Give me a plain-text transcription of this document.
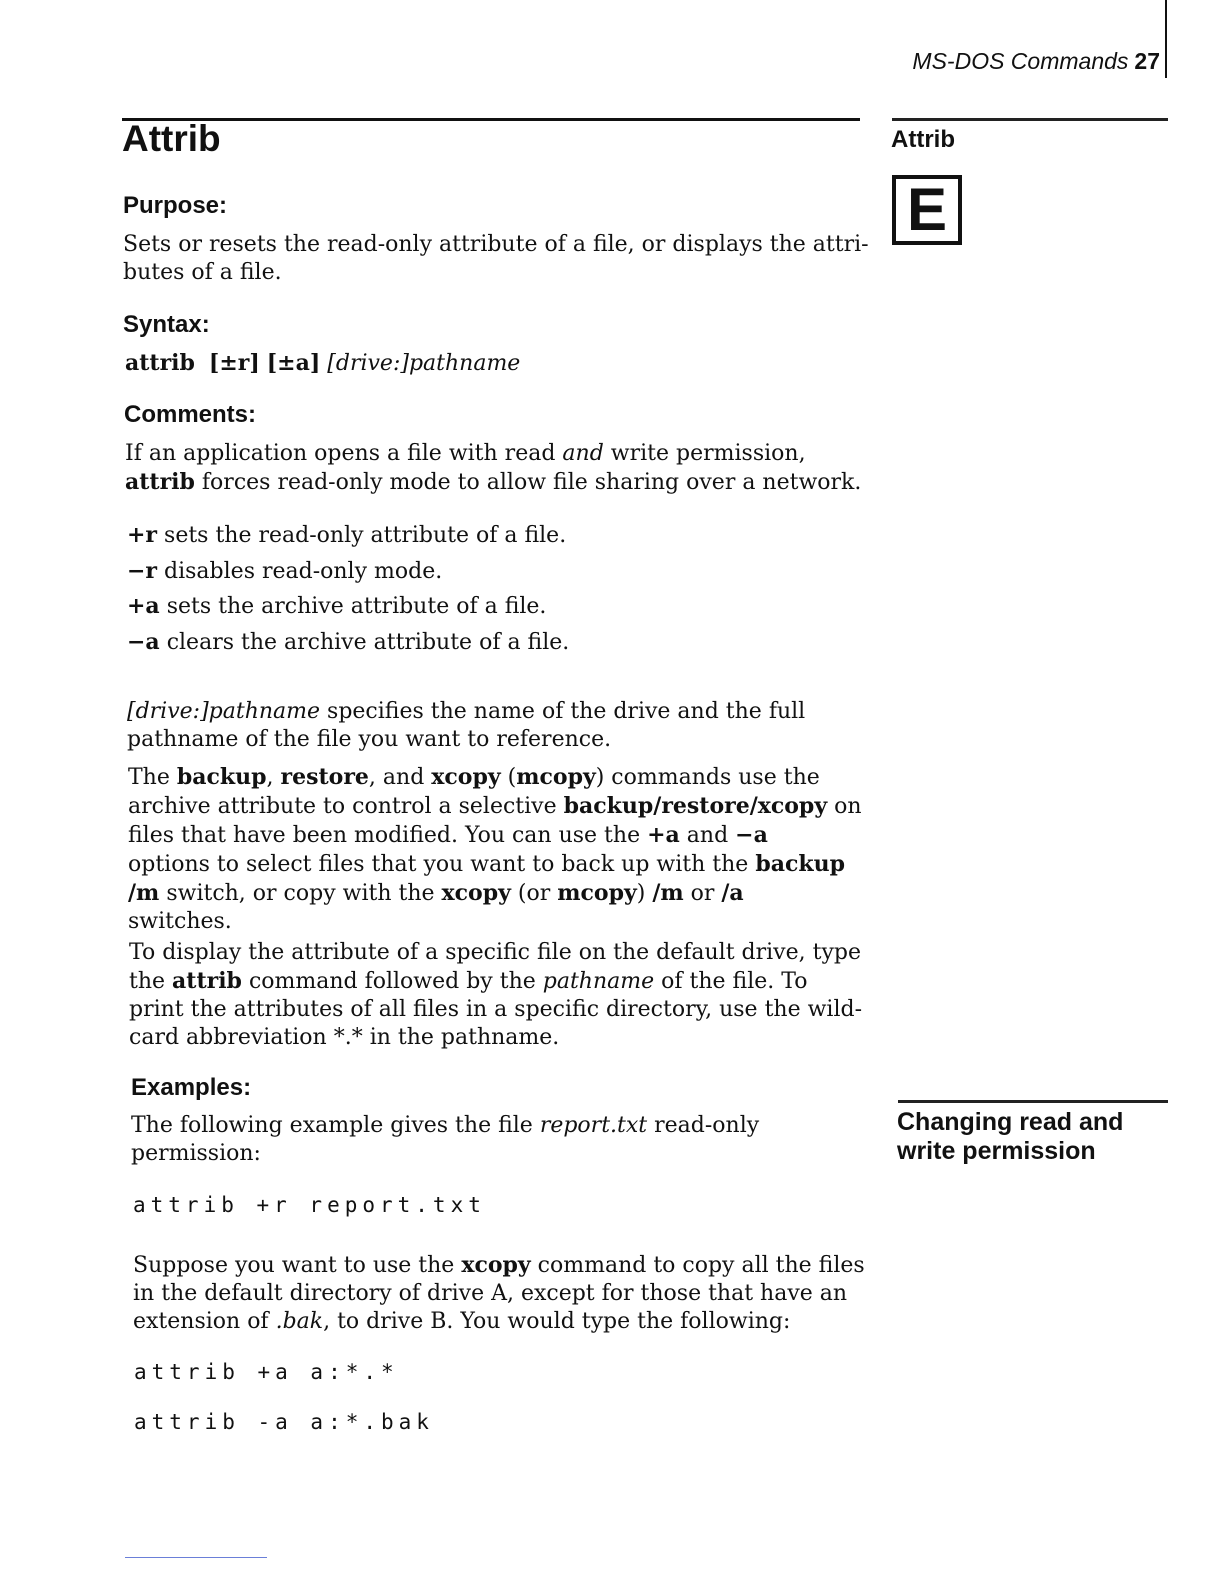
MS-DOS Commands 27
Attrib	Attrib
E
Purpose:

Sets or resets the read-only attribute of a file, or displays the attri-

butes of a file.

Syntax:
attrib [±r] [±a] [drive:]pathname
Comments:

If an application opens a file with read and write permission,

attrib forces read-only mode to allow file sharing over a network.

+r sets the read-only attribute of a file.

−r disables read-only mode.

+a sets the archive attribute of a file.

−a clears the archive attribute of a file.

[drive:]pathname specifies the name of the drive and the full

pathname of the file you want to reference.

The backup, restore, and xcopy (mcopy) commands use the

archive attribute to control a selective backup/restore/xcopy on

files that have been modified. You can use the +a and −a

options to select files that you want to back up with the backup

/m switch, or copy with the xcopy (or mcopy) /m or /a

switches.

To display the attribute of a specific file on the default drive, type

the attrib command followed by the pathname of the file. To

print the attributes of all files in a specific directory, use the wild-

card abbreviation *.* in the pathname.

Examples:

The following example gives the file report.txt read-only

permission:

attrib +r report.txt

Suppose you want to use the xcopy command to copy all the files

in the default directory of drive A, except for those that have an

extension of .bak, to drive B. You would type the following:

attrib +a a:*.*
attrib -a a:*.bak

Changing read and

write permission
